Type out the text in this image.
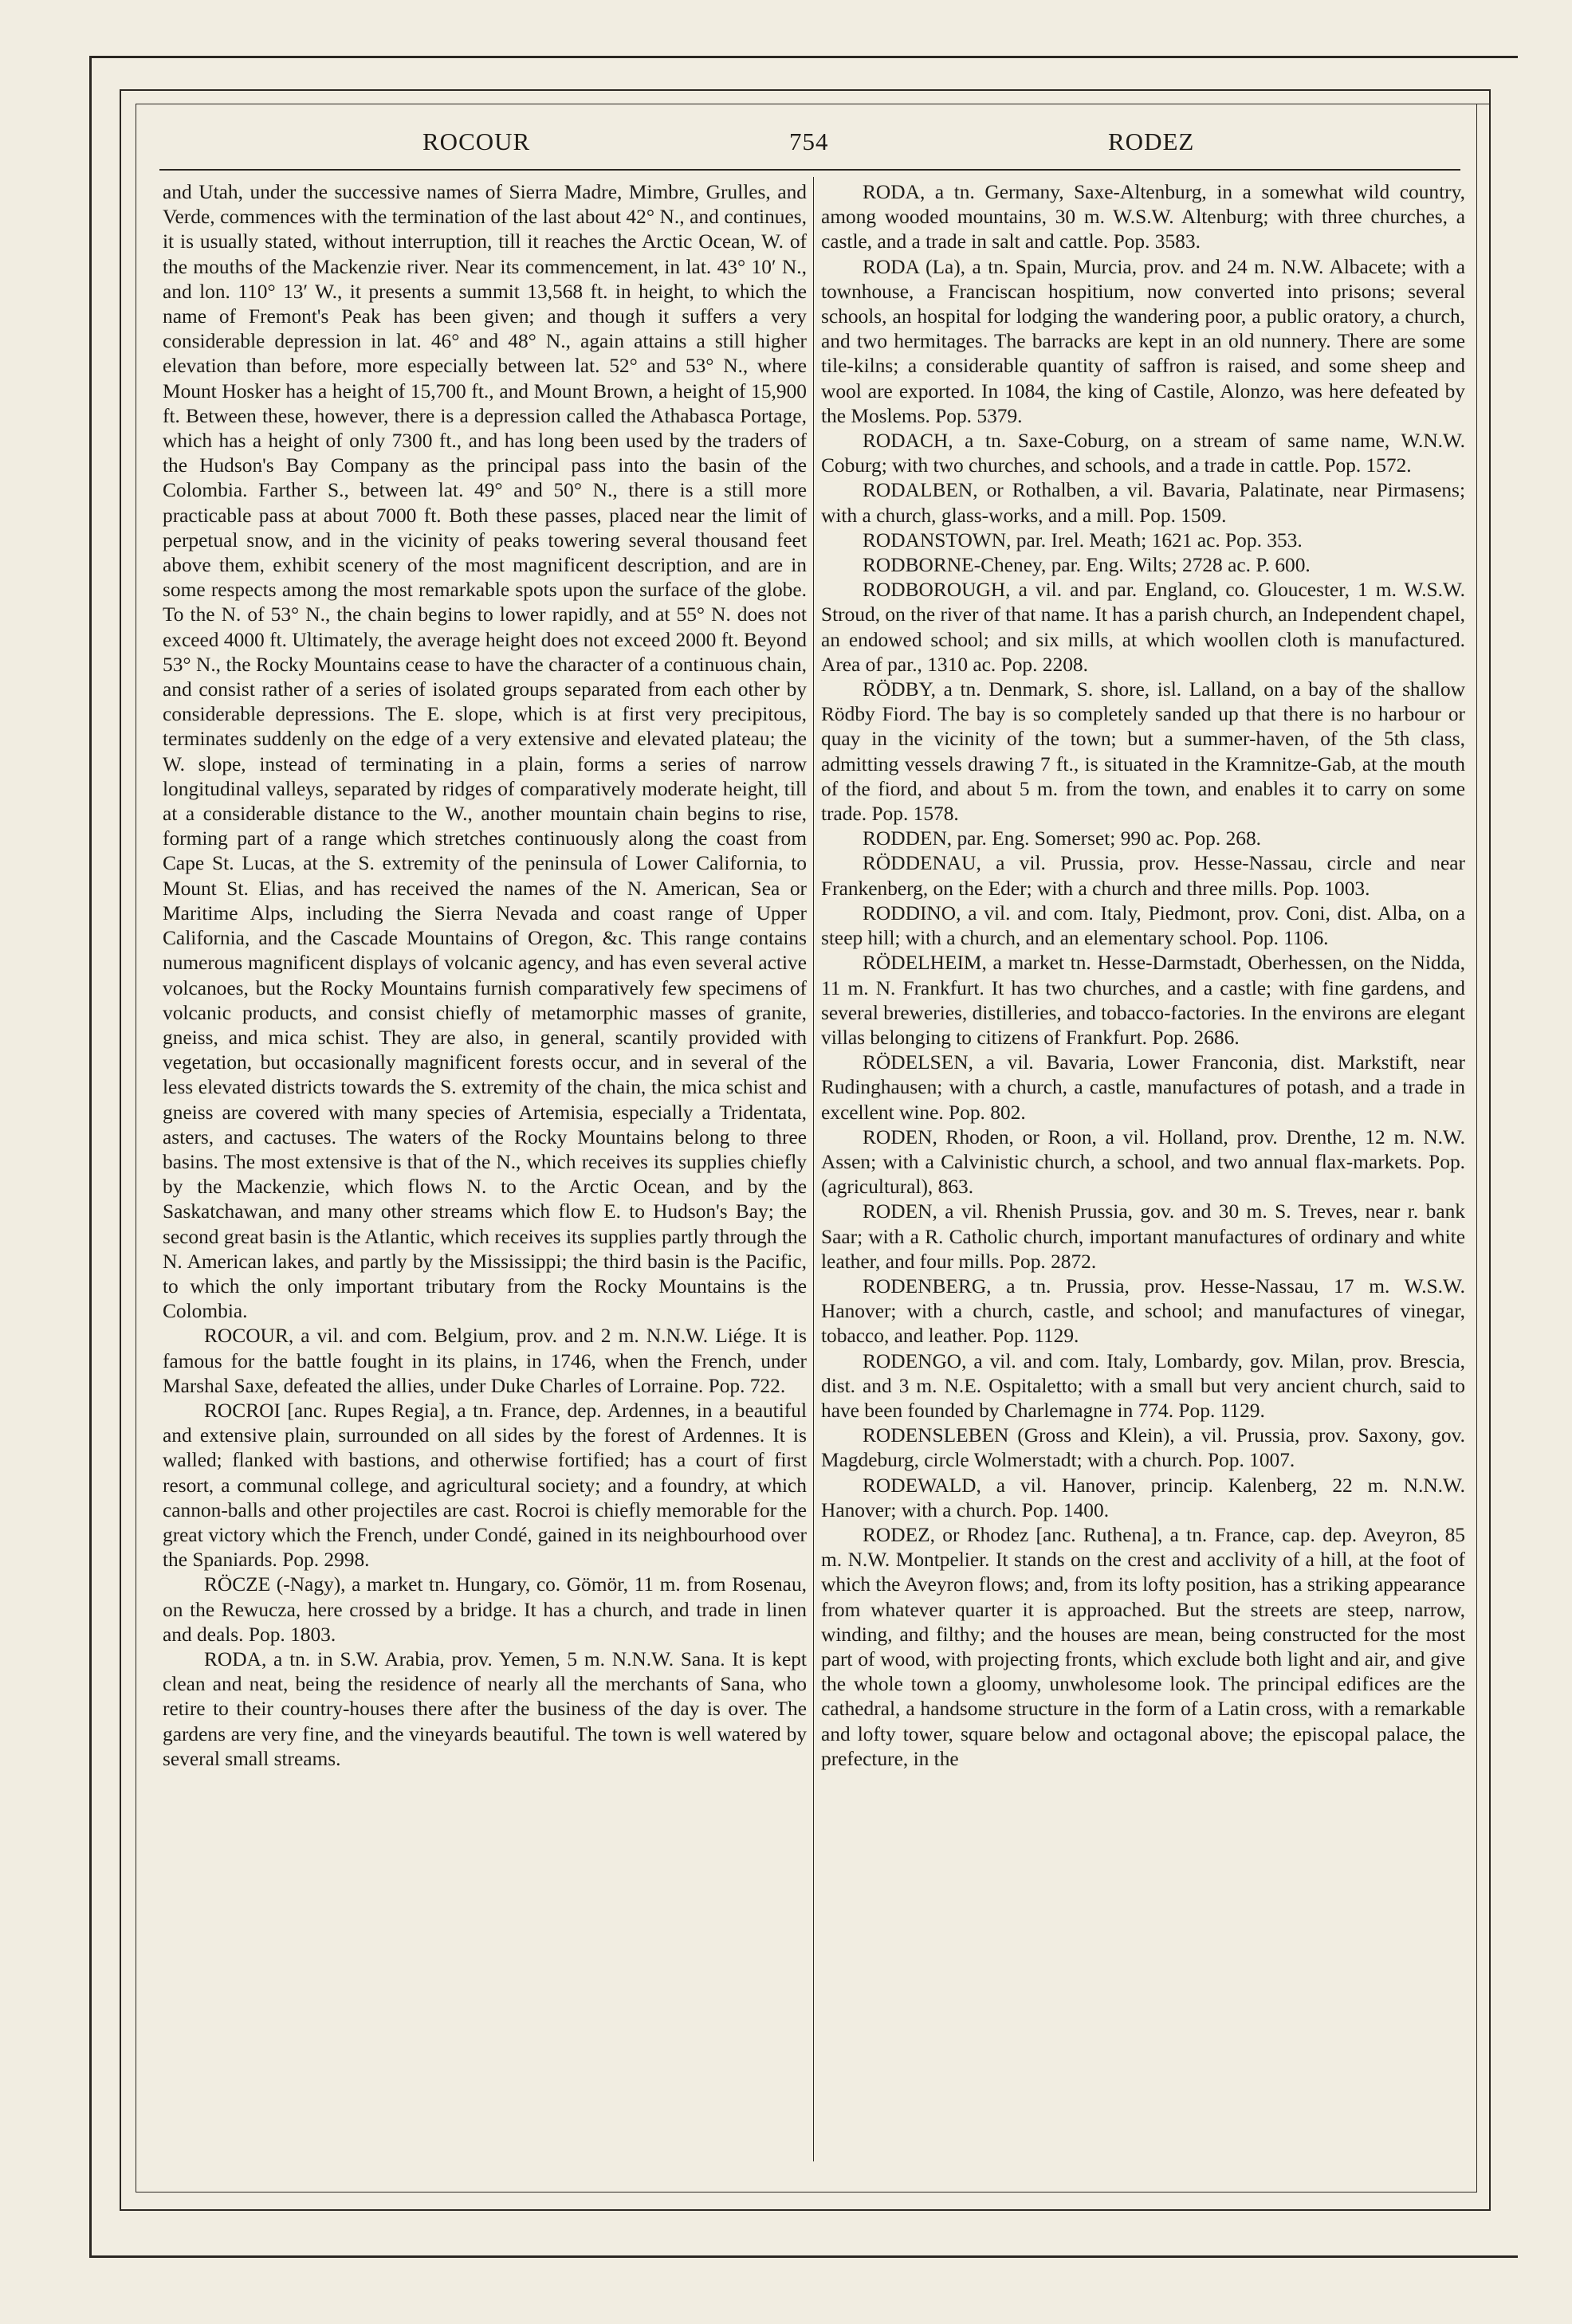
ROCOUR	754	RODEZ

and Utah, under the successive names of Sierra Madre, Mimbre, Grulles, and Verde, commences with the termination of the last about 42° N., and continues, it is usually stated, without interruption, till it reaches the Arctic Ocean, W. of the mouths of the Mackenzie river. Near its commencement, in lat. 43° 10′ N., and lon. 110° 13′ W., it presents a summit 13,568 ft. in height, to which the name of Fremont's Peak has been given; and though it suffers a very considerable depression in lat. 46° and 48° N., again attains a still higher elevation than before, more especially between lat. 52° and 53° N., where Mount Hosker has a height of 15,700 ft., and Mount Brown, a height of 15,900 ft. Between these, however, there is a depression called the Athabasca Portage, which has a height of only 7300 ft., and has long been used by the traders of the Hudson's Bay Company as the principal pass into the basin of the Colombia. Farther S., between lat. 49° and 50° N., there is a still more practicable pass at about 7000 ft. Both these passes, placed near the limit of perpetual snow, and in the vicinity of peaks towering several thousand feet above them, exhibit scenery of the most magnificent description, and are in some respects among the most remarkable spots upon the surface of the globe. To the N. of 53° N., the chain begins to lower rapidly, and at 55° N. does not exceed 4000 ft. Ultimately, the average height does not exceed 2000 ft. Beyond 53° N., the Rocky Mountains cease to have the character of a continuous chain, and consist rather of a series of isolated groups separated from each other by considerable depressions. The E. slope, which is at first very precipitous, terminates suddenly on the edge of a very extensive and elevated plateau; the W. slope, instead of terminating in a plain, forms a series of narrow longitudinal valleys, separated by ridges of comparatively moderate height, till at a considerable distance to the W., another mountain chain begins to rise, forming part of a range which stretches continuously along the coast from Cape St. Lucas, at the S. extremity of the peninsula of Lower California, to Mount St. Elias, and has received the names of the N. American, Sea or Maritime Alps, including the Sierra Nevada and coast range of Upper California, and the Cascade Mountains of Oregon, &c. This range contains numerous magnificent displays of volcanic agency, and has even several active volcanoes, but the Rocky Mountains furnish comparatively few specimens of volcanic products, and consist chiefly of metamorphic masses of granite, gneiss, and mica schist. They are also, in general, scantily provided with vegetation, but occasionally magnificent forests occur, and in several of the less elevated districts towards the S. extremity of the chain, the mica schist and gneiss are covered with many species of Artemisia, especially a Tridentata, asters, and cactuses. The waters of the Rocky Mountains belong to three basins. The most extensive is that of the N., which receives its supplies chiefly by the Mackenzie, which flows N. to the Arctic Ocean, and by the Saskatchawan, and many other streams which flow E. to Hudson's Bay; the second great basin is the Atlantic, which receives its supplies partly through the N. American lakes, and partly by the Mississippi; the third basin is the Pacific, to which the only important tributary from the Rocky Mountains is the Colombia.

ROCOUR, a vil. and com. Belgium, prov. and 2 m. N.N.W. Liége. It is famous for the battle fought in its plains, in 1746, when the French, under Marshal Saxe, defeated the allies, under Duke Charles of Lorraine. Pop. 722.

ROCROI [anc. Rupes Regia], a tn. France, dep. Ardennes, in a beautiful and extensive plain, surrounded on all sides by the forest of Ardennes. It is walled; flanked with bastions, and otherwise fortified; has a court of first resort, a communal college, and agricultural society; and a foundry, at which cannon-balls and other projectiles are cast. Rocroi is chiefly memorable for the great victory which the French, under Condé, gained in its neighbourhood over the Spaniards. Pop. 2998.

RÖCZE (-Nagy), a market tn. Hungary, co. Gömör, 11 m. from Rosenau, on the Rewucza, here crossed by a bridge. It has a church, and trade in linen and deals. Pop. 1803.

RODA, a tn. in S.W. Arabia, prov. Yemen, 5 m. N.N.W. Sana. It is kept clean and neat, being the residence of nearly all the merchants of Sana, who retire to their country-houses there after the business of the day is over. The gardens are very fine, and the vineyards beautiful. The town is well watered by several small streams.

RODA, a tn. Germany, Saxe-Altenburg, in a somewhat wild country, among wooded mountains, 30 m. W.S.W. Altenburg; with three churches, a castle, and a trade in salt and cattle. Pop. 3583.

RODA (La), a tn. Spain, Murcia, prov. and 24 m. N.W. Albacete; with a townhouse, a Franciscan hospitium, now converted into prisons; several schools, an hospital for lodging the wandering poor, a public oratory, a church, and two hermitages. The barracks are kept in an old nunnery. There are some tile-kilns; a considerable quantity of saffron is raised, and some sheep and wool are exported. In 1084, the king of Castile, Alonzo, was here defeated by the Moslems. Pop. 5379.

RODACH, a tn. Saxe-Coburg, on a stream of same name, W.N.W. Coburg; with two churches, and schools, and a trade in cattle. Pop. 1572.

RODALBEN, or Rothalben, a vil. Bavaria, Palatinate, near Pirmasens; with a church, glass-works, and a mill. Pop. 1509.

RODANSTOWN, par. Irel. Meath; 1621 ac. Pop. 353.

RODBORNE-Cheney, par. Eng. Wilts; 2728 ac. P. 600.

RODBOROUGH, a vil. and par. England, co. Gloucester, 1 m. W.S.W. Stroud, on the river of that name. It has a parish church, an Independent chapel, an endowed school; and six mills, at which woollen cloth is manufactured. Area of par., 1310 ac. Pop. 2208.

RÖDBY, a tn. Denmark, S. shore, isl. Lalland, on a bay of the shallow Rödby Fiord. The bay is so completely sanded up that there is no harbour or quay in the vicinity of the town; but a summer-haven, of the 5th class, admitting vessels drawing 7 ft., is situated in the Kramnitze-Gab, at the mouth of the fiord, and about 5 m. from the town, and enables it to carry on some trade. Pop. 1578.

RODDEN, par. Eng. Somerset; 990 ac. Pop. 268.

RÖDDENAU, a vil. Prussia, prov. Hesse-Nassau, circle and near Frankenberg, on the Eder; with a church and three mills. Pop. 1003.

RODDINO, a vil. and com. Italy, Piedmont, prov. Coni, dist. Alba, on a steep hill; with a church, and an elementary school. Pop. 1106.

RÖDELHEIM, a market tn. Hesse-Darmstadt, Oberhessen, on the Nidda, 11 m. N. Frankfurt. It has two churches, and a castle; with fine gardens, and several breweries, distilleries, and tobacco-factories. In the environs are elegant villas belonging to citizens of Frankfurt. Pop. 2686.

RÖDELSEN, a vil. Bavaria, Lower Franconia, dist. Markstift, near Rudinghausen; with a church, a castle, manufactures of potash, and a trade in excellent wine. Pop. 802.

RODEN, Rhoden, or Roon, a vil. Holland, prov. Drenthe, 12 m. N.W. Assen; with a Calvinistic church, a school, and two annual flax-markets. Pop. (agricultural), 863.

RODEN, a vil. Rhenish Prussia, gov. and 30 m. S. Treves, near r. bank Saar; with a R. Catholic church, important manufactures of ordinary and white leather, and four mills. Pop. 2872.

RODENBERG, a tn. Prussia, prov. Hesse-Nassau, 17 m. W.S.W. Hanover; with a church, castle, and school; and manufactures of vinegar, tobacco, and leather. Pop. 1129.

RODENGO, a vil. and com. Italy, Lombardy, gov. Milan, prov. Brescia, dist. and 3 m. N.E. Ospitaletto; with a small but very ancient church, said to have been founded by Charlemagne in 774. Pop. 1129.

RODENSLEBEN (Gross and Klein), a vil. Prussia, prov. Saxony, gov. Magdeburg, circle Wolmerstadt; with a church. Pop. 1007.

RODEWALD, a vil. Hanover, princip. Kalenberg, 22 m. N.N.W. Hanover; with a church. Pop. 1400.

RODEZ, or Rhodez [anc. Ruthena], a tn. France, cap. dep. Aveyron, 85 m. N.W. Montpelier. It stands on the crest and acclivity of a hill, at the foot of which the Aveyron flows; and, from its lofty position, has a striking appearance from whatever quarter it is approached. But the streets are steep, narrow, winding, and filthy; and the houses are mean, being constructed for the most part of wood, with projecting fronts, which exclude both light and air, and give the whole town a gloomy, unwholesome look. The principal edifices are the cathedral, a handsome structure in the form of a Latin cross, with a remarkable and lofty tower, square below and octagonal above; the episcopal palace, the prefecture, in the
